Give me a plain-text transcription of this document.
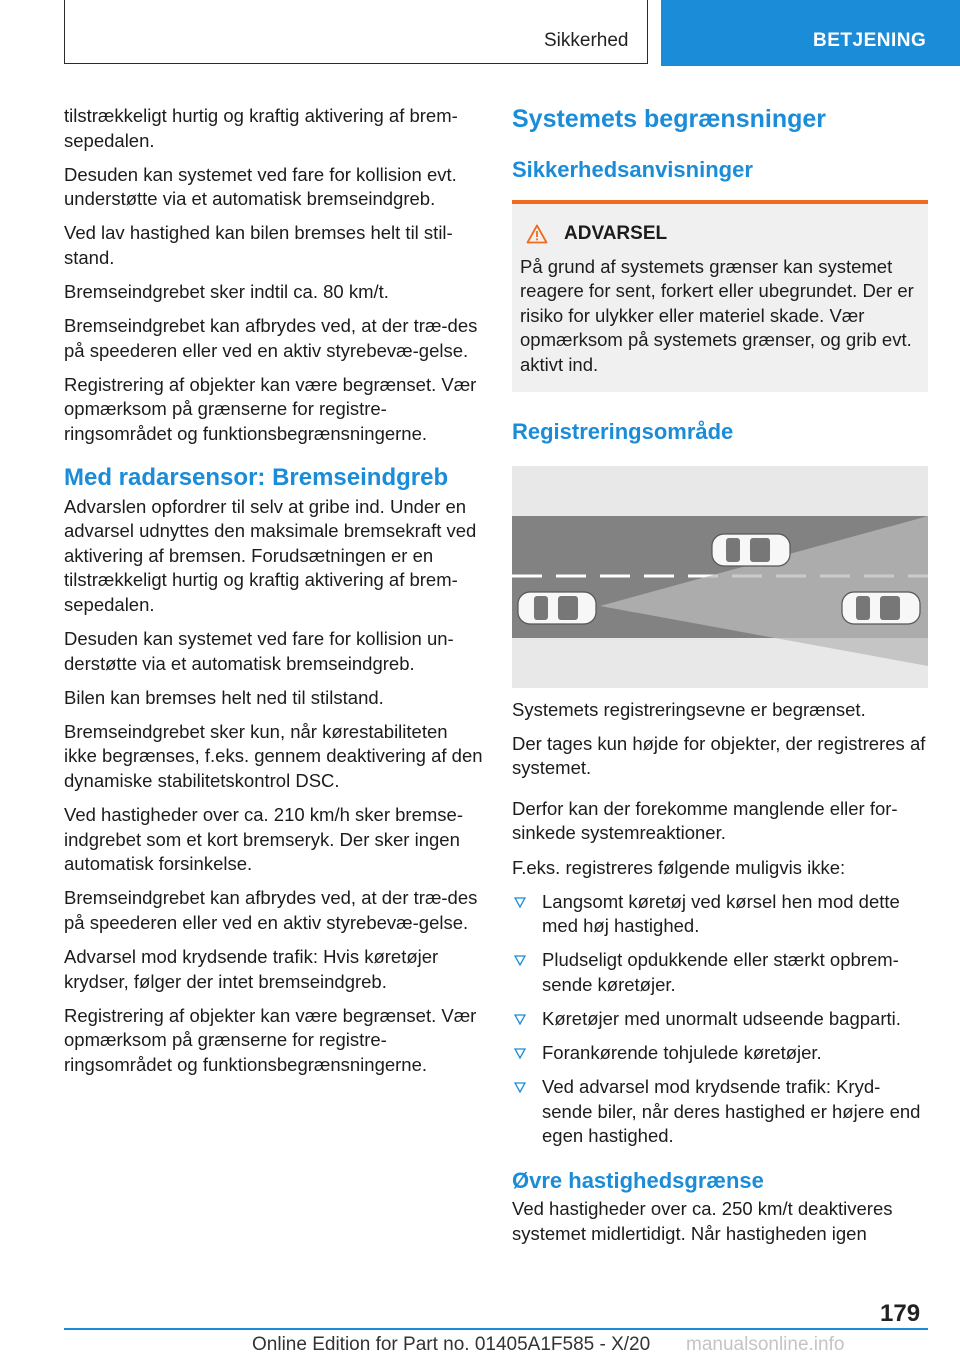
Sikkerhed	BETJENING

tilstrækkeligt hurtig og kraftig aktivering af brem-sepedalen.

Desuden kan systemet ved fare for kollision evt. understøtte via et automatisk bremseindgreb.

Ved lav hastighed kan bilen bremses helt til stil-stand.

Bremseindgrebet sker indtil ca. 80 km/t.

Bremseindgrebet kan afbrydes ved, at der træ-des på speederen eller ved en aktiv styrebevæ-gelse.

Registrering af objekter kan være begrænset. Vær opmærksom på grænserne for registre-ringsområdet og funktionsbegrænsningerne.

Med radarsensor: Bremseindgreb

Advarslen opfordrer til selv at gribe ind. Under en advarsel udnyttes den maksimale bremsekraft ved aktivering af bremsen. Forudsætningen er en tilstrækkeligt hurtig og kraftig aktivering af brem-sepedalen.

Desuden kan systemet ved fare for kollision un-derstøtte via et automatisk bremseindgreb.

Bilen kan bremses helt ned til stilstand.

Bremseindgrebet sker kun, når kørestabiliteten ikke begrænses, f.eks. gennem deaktivering af den dynamiske stabilitetskontrol DSC.

Ved hastigheder over ca. 210 km/h sker bremse-indgrebet som et kort bremseryk. Der sker ingen automatisk forsinkelse.

Bremseindgrebet kan afbrydes ved, at der træ-des på speederen eller ved en aktiv styrebevæ-gelse.

Advarsel mod krydsende trafik: Hvis køretøjer krydser, følger der intet bremseindgreb.

Registrering af objekter kan være begrænset. Vær opmærksom på grænserne for registre-ringsområdet og funktionsbegrænsningerne.

Systemets begrænsninger
Sikkerhedsanvisninger
ADVARSEL

På grund af systemets grænser kan systemet reagere for sent, forkert eller ubegrundet. Der er risiko for ulykker eller materiel skade. Vær opmærksom på systemets grænser, og grib evt. aktivt ind.

Registreringsområde

Systemets registreringsevne er begrænset.

Der tages kun højde for objekter, der registreres af systemet.

Derfor kan der forekomme manglende eller for-sinkede systemreaktioner.

F.eks. registreres følgende muligvis ikke:

Langsomt køretøj ved kørsel hen mod dette med høj hastighed.
Pludseligt opdukkende eller stærkt opbrem-sende køretøjer.
Køretøjer med unormalt udseende bagparti.
Forankørende tohjulede køretøjer.
Ved advarsel mod krydsende trafik: Kryd-sende biler, når deres hastighed er højere end egen hastighed.
Øvre hastighedsgrænse

Ved hastigheder over ca. 250 km/t deaktiveres systemet midlertidigt. Når hastigheden igen

179
Online Edition for Part no. 01405A1F585 - X/20 manualsonline.info
